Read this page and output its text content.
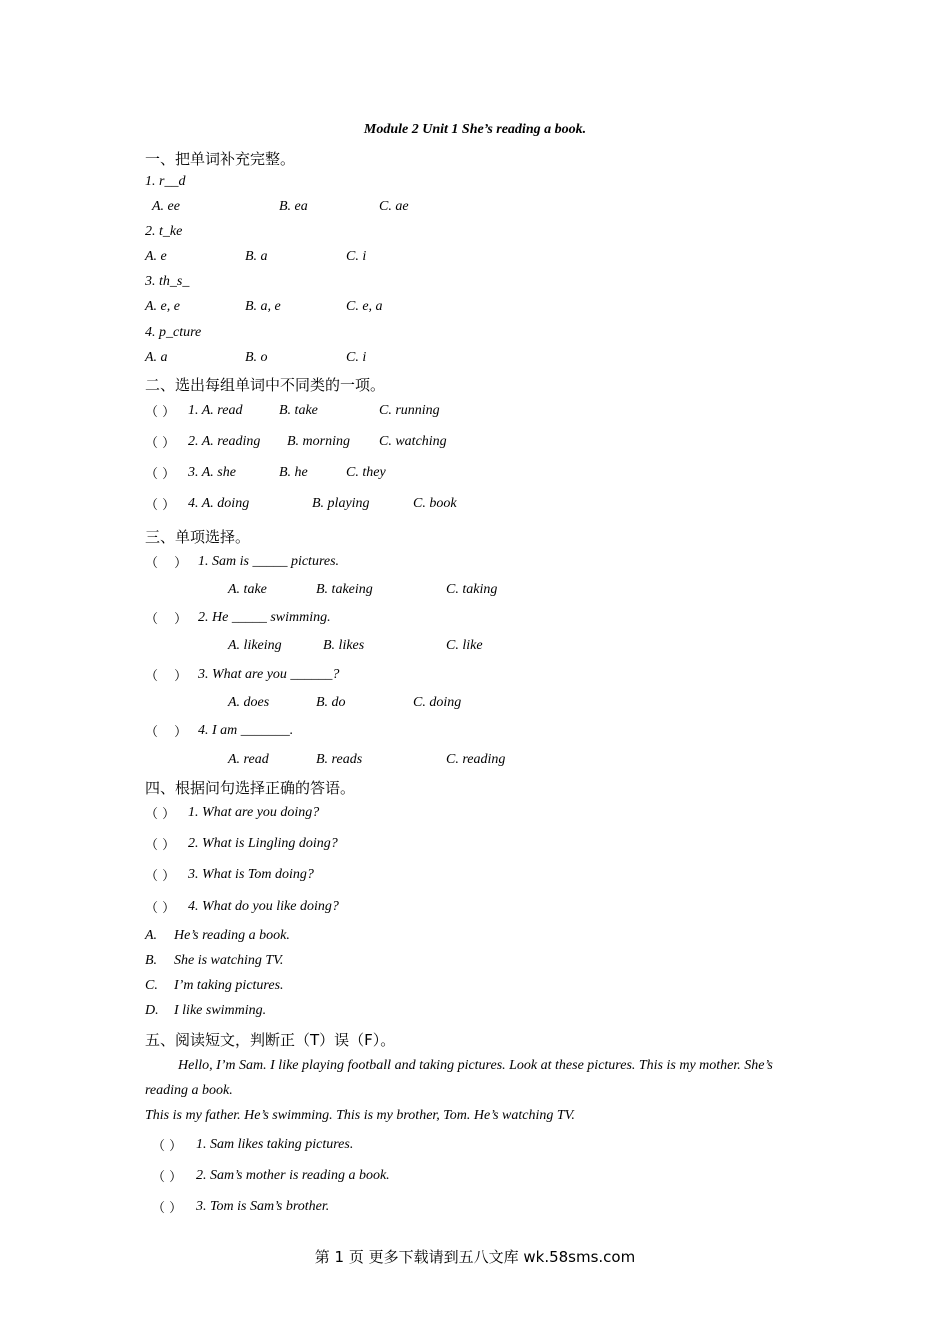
Module 2 Unit 1 She’s reading a book.
一、把单词补充完整。
1. r__d
A. ee	B. ea	C. ae
2. t_ke
A. e	B. a	C. i
3. th_s_
A. e, e	B. a, e	C. e, a
4. p_cture
A. a	B. o	C. i
二、选出每组单词中不同类的一项。
（ ） 1. A. read	B. take	C. running
（ ） 2. A. reading B. morning C. watching
（ ） 3. A. she	B. he	C. they
（ ） 4. A. doing	B. playing	C. book
三、单项选择。
（ ） 1. Sam is _____ pictures.
A. take	B. takeing	C. taking
（ ） 2. He _____ swimming.
A. likeing	B. likes	C. like
（ ） 3. What are you ______?
A. does	B. do	C. doing
（ ） 4. I am _______.
A. read	B. reads	C. reading
四、根据问句选择正确的答语。
（ ） 1. What are you doing?
（ ） 2. What is Lingling doing?
（ ） 3. What is Tom doing?
（ ） 4. What do you like doing?
A. He’s reading a book.
B. She is watching TV.
C. I’m taking pictures.
D. I like swimming.
五、阅读短文，判断正（T）误（F）。
Hello, I’m Sam. I like playing football and taking pictures. Look at these pictures. This is my mother. She’s reading a book.
This is my father. He’s swimming. This is my brother, Tom. He’s watching TV.
（ ） 1. Sam likes taking pictures.
（ ） 2. Sam’s mother is reading a book.
（ ） 3. Tom is Sam’s brother.
第 1 页 更多下载请到五八文库 wk.58sms.com
